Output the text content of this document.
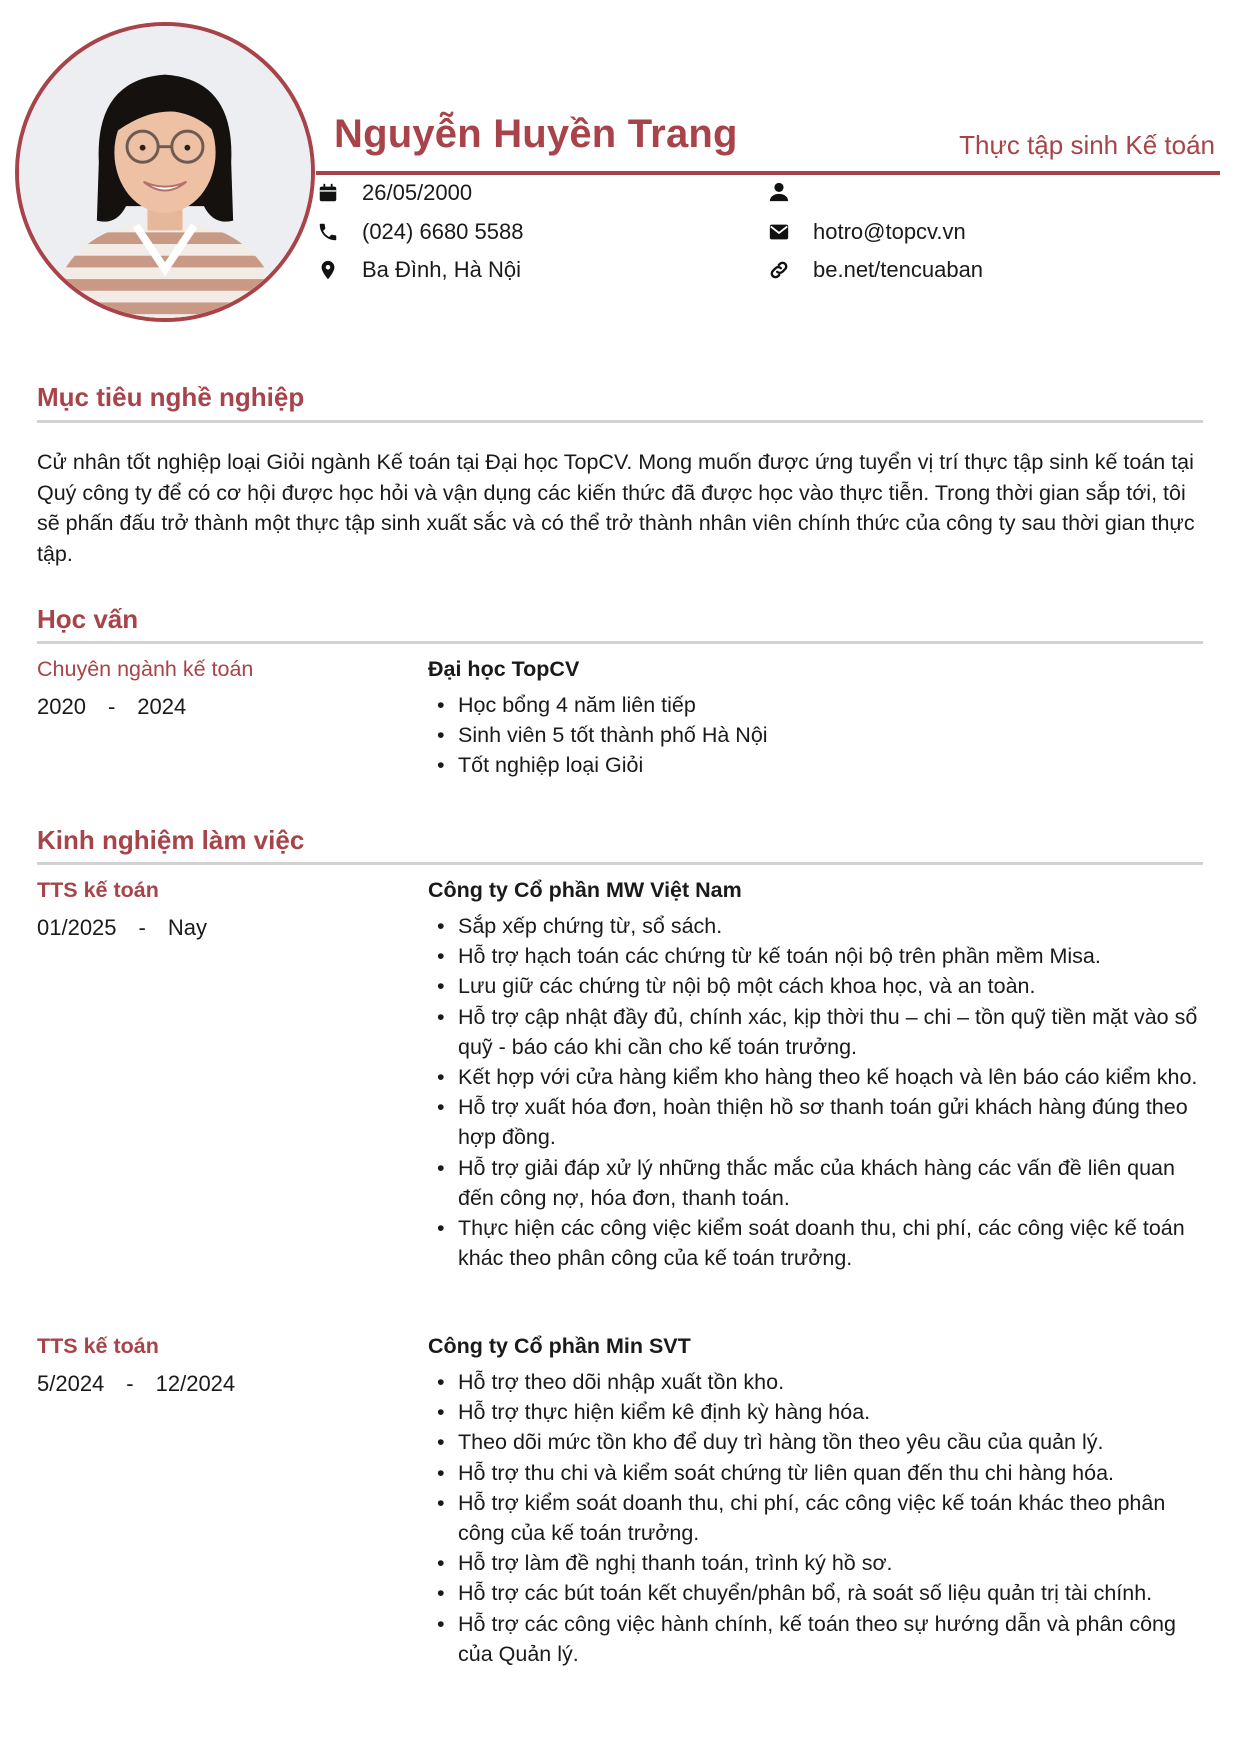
Nguyễn Huyền Trang	Thực tập sinh Kế toán
26/05/2000
(024) 6680 5588
Ba Đình, Hà Nội
hotro@topcv.vn
be.net/tencuaban
Mục tiêu nghề nghiệp
Cử nhân tốt nghiệp loại Giỏi ngành Kế toán tại Đại học TopCV. Mong muốn được ứng tuyển vị trí thực tập sinh kế toán tại Quý công ty để có cơ hội được học hỏi và vận dụng các kiến thức đã được học vào thực tiễn. Trong thời gian sắp tới, tôi sẽ phấn đấu trở thành một thực tập sinh xuất sắc và có thể trở thành nhân viên chính thức của công ty sau thời gian thực tập.
Học vấn
Chuyên ngành kế toán
2020 - 2024
Đại học TopCV
• Học bổng 4 năm liên tiếp
• Sinh viên 5 tốt thành phố Hà Nội
• Tốt nghiệp loại Giỏi
Kinh nghiệm làm việc
TTS kế toán
01/2025 - Nay
Công ty Cổ phần MW Việt Nam
• Sắp xếp chứng từ, sổ sách.
• Hỗ trợ hạch toán các chứng từ kế toán nội bộ trên phần mềm Misa.
• Lưu giữ các chứng từ nội bộ một cách khoa học, và an toàn.
• Hỗ trợ cập nhật đầy đủ, chính xác, kịp thời thu – chi – tồn quỹ tiền mặt vào sổ quỹ - báo cáo khi cần cho kế toán trưởng.
• Kết hợp với cửa hàng kiểm kho hàng theo kế hoạch và lên báo cáo kiểm kho.
• Hỗ trợ xuất hóa đơn, hoàn thiện hồ sơ thanh toán gửi khách hàng đúng theo hợp đồng.
• Hỗ trợ giải đáp xử lý những thắc mắc của khách hàng các vấn đề liên quan đến công nợ, hóa đơn, thanh toán.
• Thực hiện các công việc kiểm soát doanh thu, chi phí, các công việc kế toán khác theo phân công của kế toán trưởng.
TTS kế toán
5/2024 - 12/2024
Công ty Cổ phần Min SVT
• Hỗ trợ theo dõi nhập xuất tồn kho.
• Hỗ trợ thực hiện kiểm kê định kỳ hàng hóa.
• Theo dõi mức tồn kho để duy trì hàng tồn theo yêu cầu của quản lý.
• Hỗ trợ thu chi và kiểm soát chứng từ liên quan đến thu chi hàng hóa.
• Hỗ trợ kiểm soát doanh thu, chi phí, các công việc kế toán khác theo phân công của kế toán trưởng.
• Hỗ trợ làm đề nghị thanh toán, trình ký hồ sơ.
• Hỗ trợ các bút toán kết chuyển/phân bổ, rà soát số liệu quản trị tài chính.
• Hỗ trợ các công việc hành chính, kế toán theo sự hướng dẫn và phân công của Quản lý.
